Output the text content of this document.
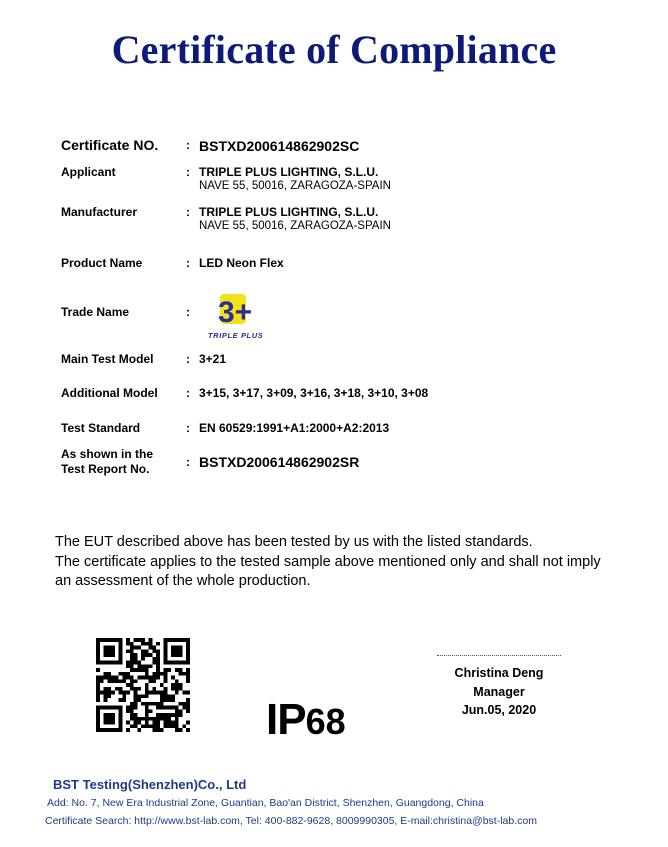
Certificate of Compliance
Certificate NO.	: BSTXD200614862902SC
Applicant	: TRIPLE PLUS LIGHTING, S.L.U.
NAVE 55, 50016, ZARAGOZA-SPAIN
Manufacturer	: TRIPLE PLUS LIGHTING, S.L.U.
NAVE 55, 50016, ZARAGOZA-SPAIN
Product Name	: LED Neon Flex
Trade Name	: 3+
TRIPLE PLUS
Main Test Model	: 3+21
Additional Model	: 3+15, 3+17, 3+09, 3+16, 3+18, 3+10, 3+08
Test Standard	: EN 60529:1991+A1:2000+A2:2013
As shown in the
Test Report No.	: BSTXD200614862902SR
The EUT described above has been tested by us with the listed standards.
The certificate applies to the tested sample above mentioned only and shall not imply
an assessment of the whole production.
IP68
Christina Deng
Manager
Jun.05, 2020
BST Testing(Shenzhen)Co., Ltd
Add: No. 7, New Era Industrial Zone, Guantian, Bao'an District, Shenzhen, Guangdong, China
Certificate Search: http://www.bst-lab.com, Tel: 400-882-9628, 8009990305, E-mail:christina@bst-lab.com
